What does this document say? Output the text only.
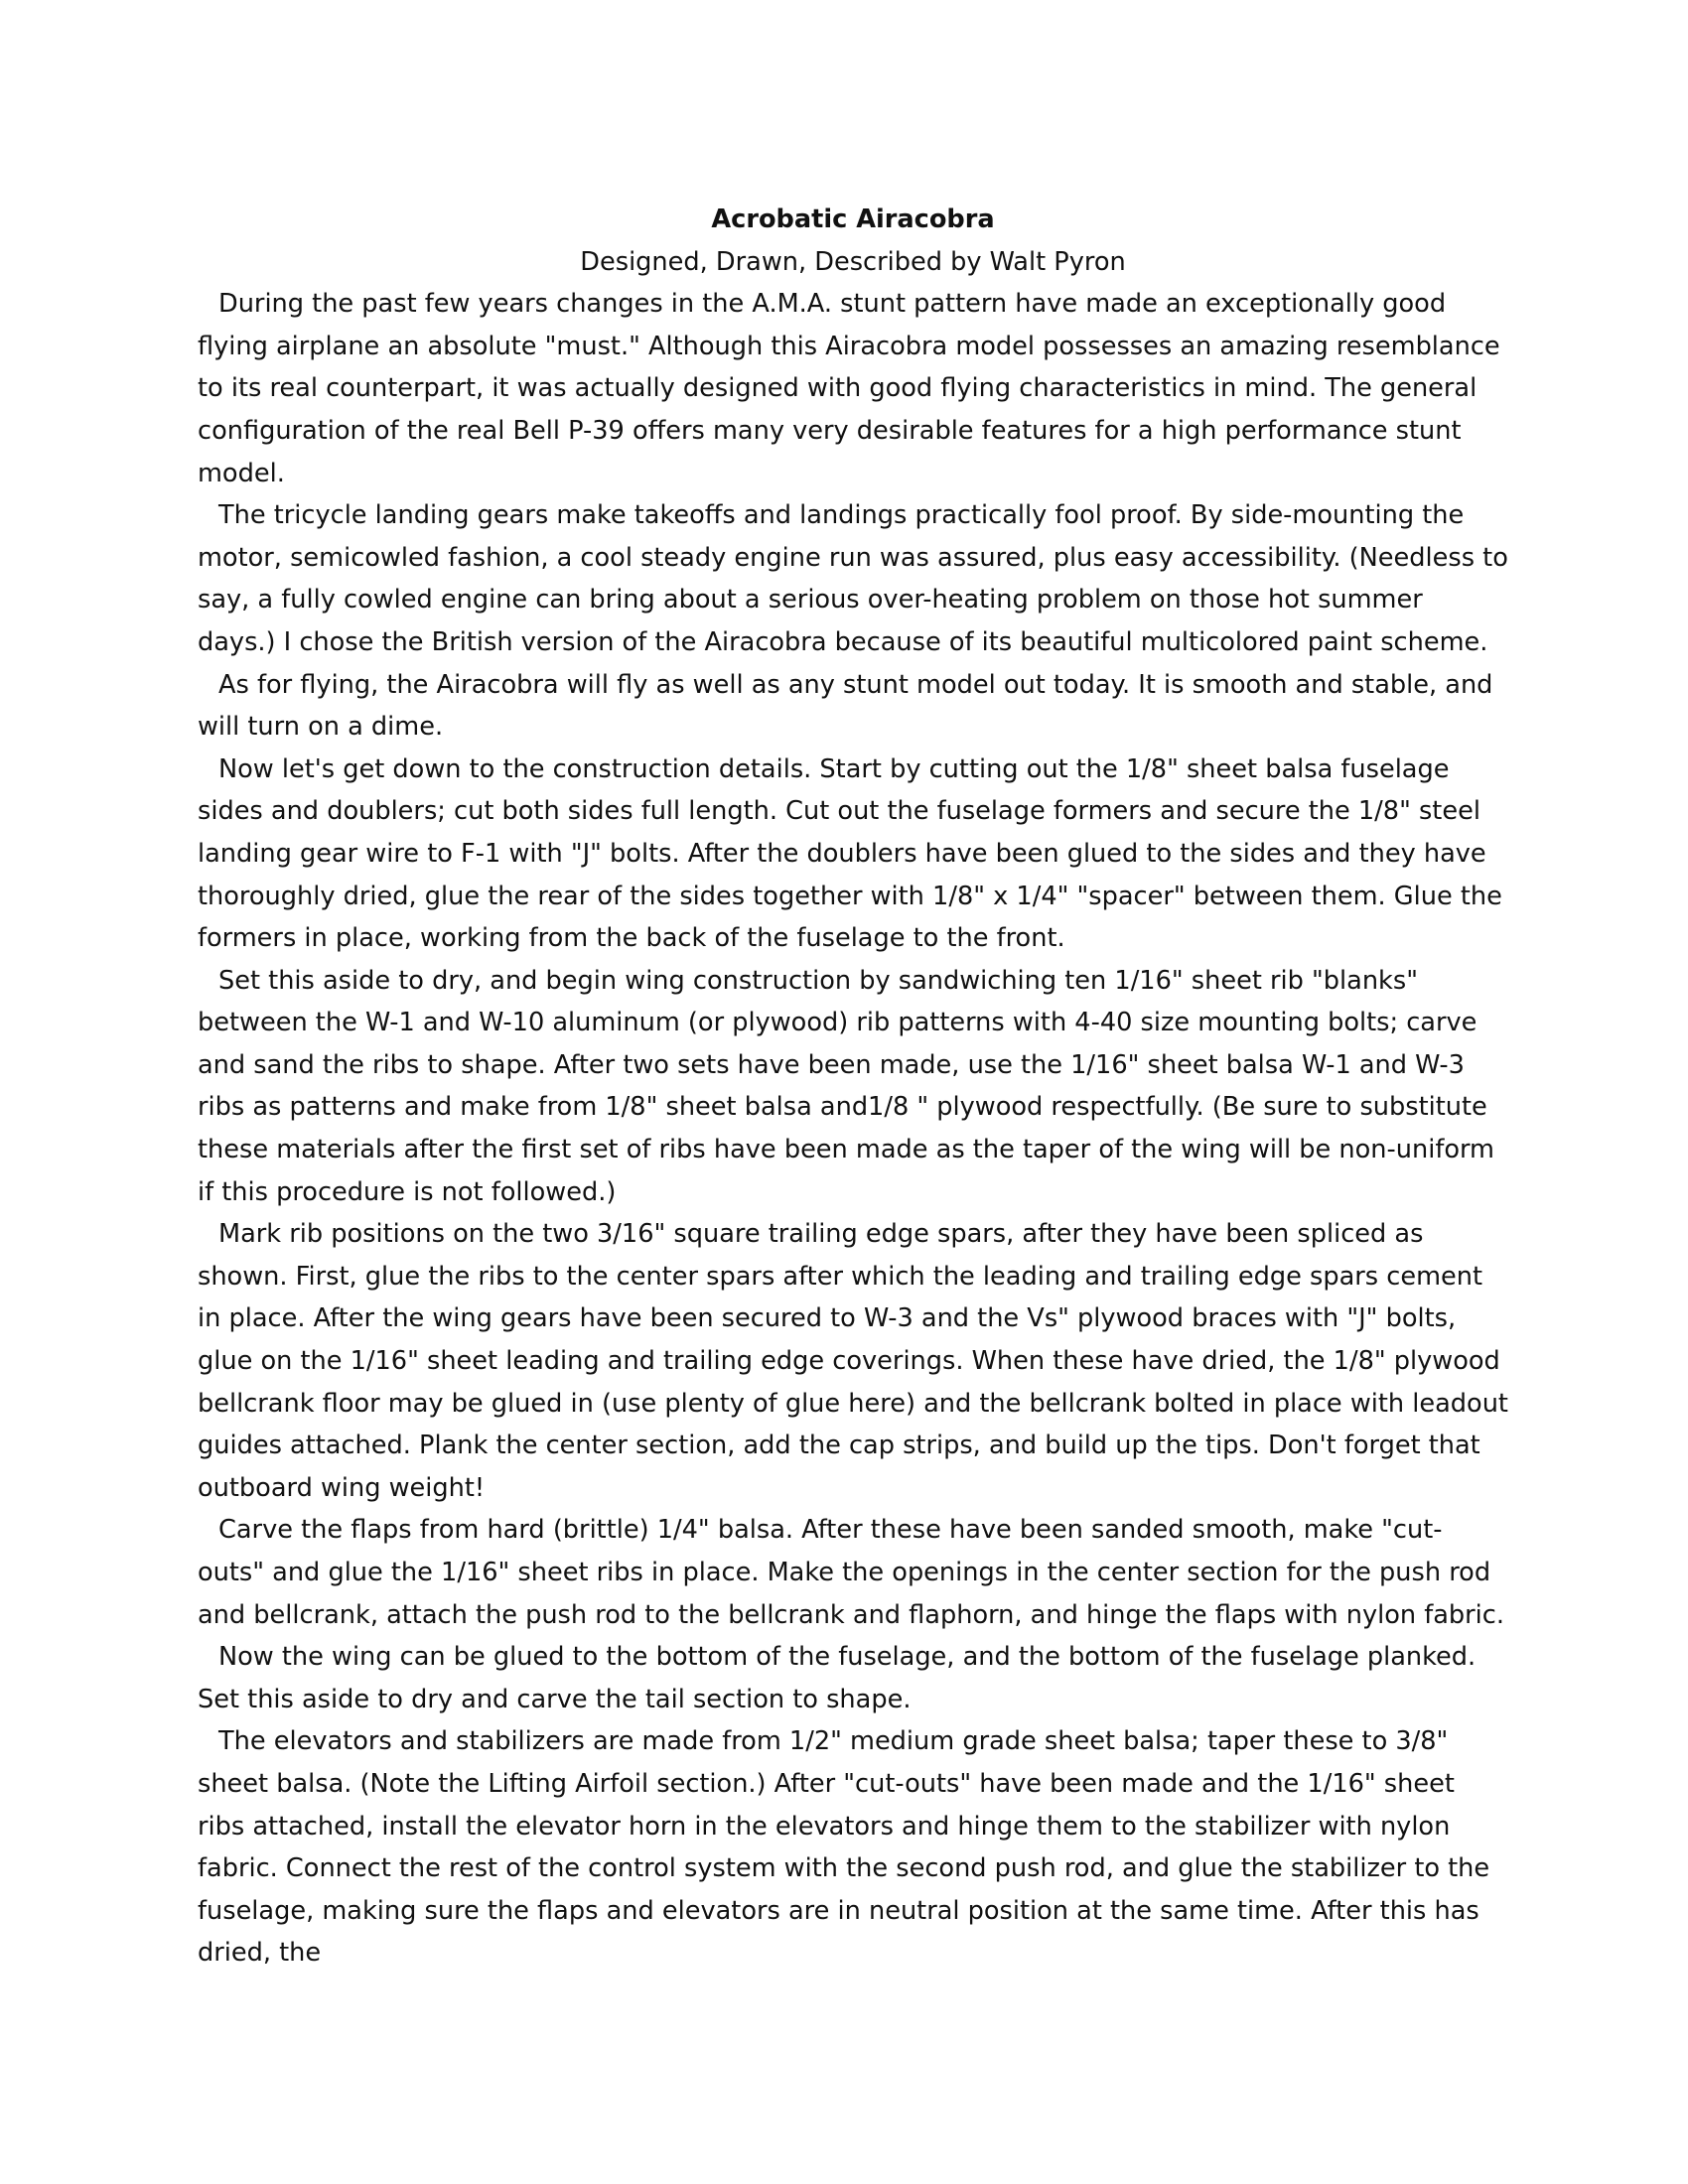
Acrobatic Airacobra

Designed, Drawn, Described by Walt Pyron

During the past few years changes in the A.M.A. stunt pattern have made an exceptionally good flying airplane an absolute "must." Although this Airacobra model possesses an amazing resemblance to its real counterpart, it was actually designed with good flying characteristics in mind. The general configuration of the real Bell P-39 offers many very desirable features for a high performance stunt model.

The tricycle landing gears make takeoffs and landings practically fool proof. By side-mounting the motor, semicowled fashion, a cool steady engine run was assured, plus easy accessibility. (Needless to say, a fully cowled engine can bring about a serious over-heating problem on those hot summer days.) I chose the British version of the Airacobra because of its beautiful multicolored paint scheme.

As for flying, the Airacobra will fly as well as any stunt model out today. It is smooth and stable, and will turn on a dime.

Now let's get down to the construction details. Start by cutting out the 1/8" sheet balsa fuselage sides and doublers; cut both sides full length. Cut out the fuselage formers and secure the 1/8" steel landing gear wire to F-1 with "J" bolts. After the doublers have been glued to the sides and they have thoroughly dried, glue the rear of the sides together with 1/8" x 1/4" "spacer" between them. Glue the formers in place, working from the back of the fuselage to the front.

Set this aside to dry, and begin wing construction by sandwiching ten 1/16" sheet rib "blanks" between the W-1 and W-10 aluminum (or plywood) rib patterns with 4-40 size mounting bolts; carve and sand the ribs to shape. After two sets have been made, use the 1/16" sheet balsa W-1 and W-3 ribs as patterns and make from 1/8" sheet balsa and1/8 " plywood respectfully. (Be sure to substitute these materials after the first set of ribs have been made as the taper of the wing will be non-uniform if this procedure is not followed.)

Mark rib positions on the two 3/16" square trailing edge spars, after they have been spliced as shown. First, glue the ribs to the center spars after which the leading and trailing edge spars cement in place. After the wing gears have been secured to W-3 and the Vs" plywood braces with "J" bolts, glue on the 1/16" sheet leading and trailing edge coverings. When these have dried, the 1/8" plywood bellcrank floor may be glued in (use plenty of glue here) and the bellcrank bolted in place with leadout guides attached. Plank the center section, add the cap strips, and build up the tips. Don't forget that outboard wing weight!

Carve the flaps from hard (brittle) 1/4" balsa. After these have been sanded smooth, make "cut-outs" and glue the 1/16" sheet ribs in place. Make the openings in the center section for the push rod and bellcrank, attach the push rod to the bellcrank and flaphorn, and hinge the flaps with nylon fabric.

Now the wing can be glued to the bottom of the fuselage, and the bottom of the fuselage planked. Set this aside to dry and carve the tail section to shape.

The elevators and stabilizers are made from 1/2" medium grade sheet balsa; taper these to 3/8" sheet balsa. (Note the Lifting Airfoil section.) After "cut-outs" have been made and the 1/16" sheet ribs attached, install the elevator horn in the elevators and hinge them to the stabilizer with nylon fabric. Connect the rest of the control system with the second push rod, and glue the stabilizer to the fuselage, making sure the flaps and elevators are in neutral position at the same time. After this has dried, the
